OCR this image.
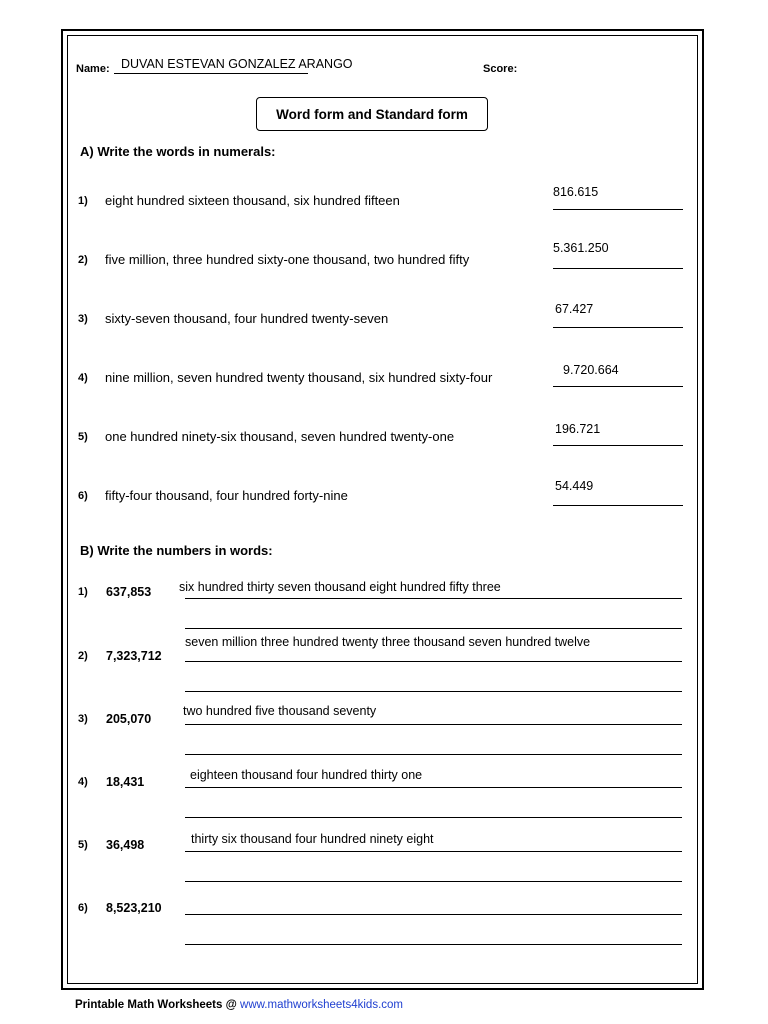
Name: DUVAN ESTEVAN GONZALEZ ARANGO	Score:
Word form and Standard form
A) Write the words in numerals:
1) eight hundred sixteen thousand, six hundred fifteen
816.615
2) five million, three hundred sixty-one thousand, two hundred fifty
5.361.250
3) sixty-seven thousand, four hundred twenty-seven
67.427
4) nine million, seven hundred twenty thousand, six hundred sixty-four	9.720.664
5) one hundred ninety-six thousand, seven hundred twenty-one	196.721
6) fifty-four thousand, four hundred forty-nine
54.449
B) Write the numbers in words:
1) 637,853 six hundred thirty seven thousand eight hundred fifty three
2) 7,323,712
seven million three hundred twenty three thousand seven hundred twelve
3) 205,070
two hundred five thousand seventy
4) 18,431	eighteen thousand four hundred thirty one
5) 36,498	thirty six thousand four hundred ninety eight
6) 8,523,210
Printable Math Worksheets @ www.mathworksheets4kids.com
